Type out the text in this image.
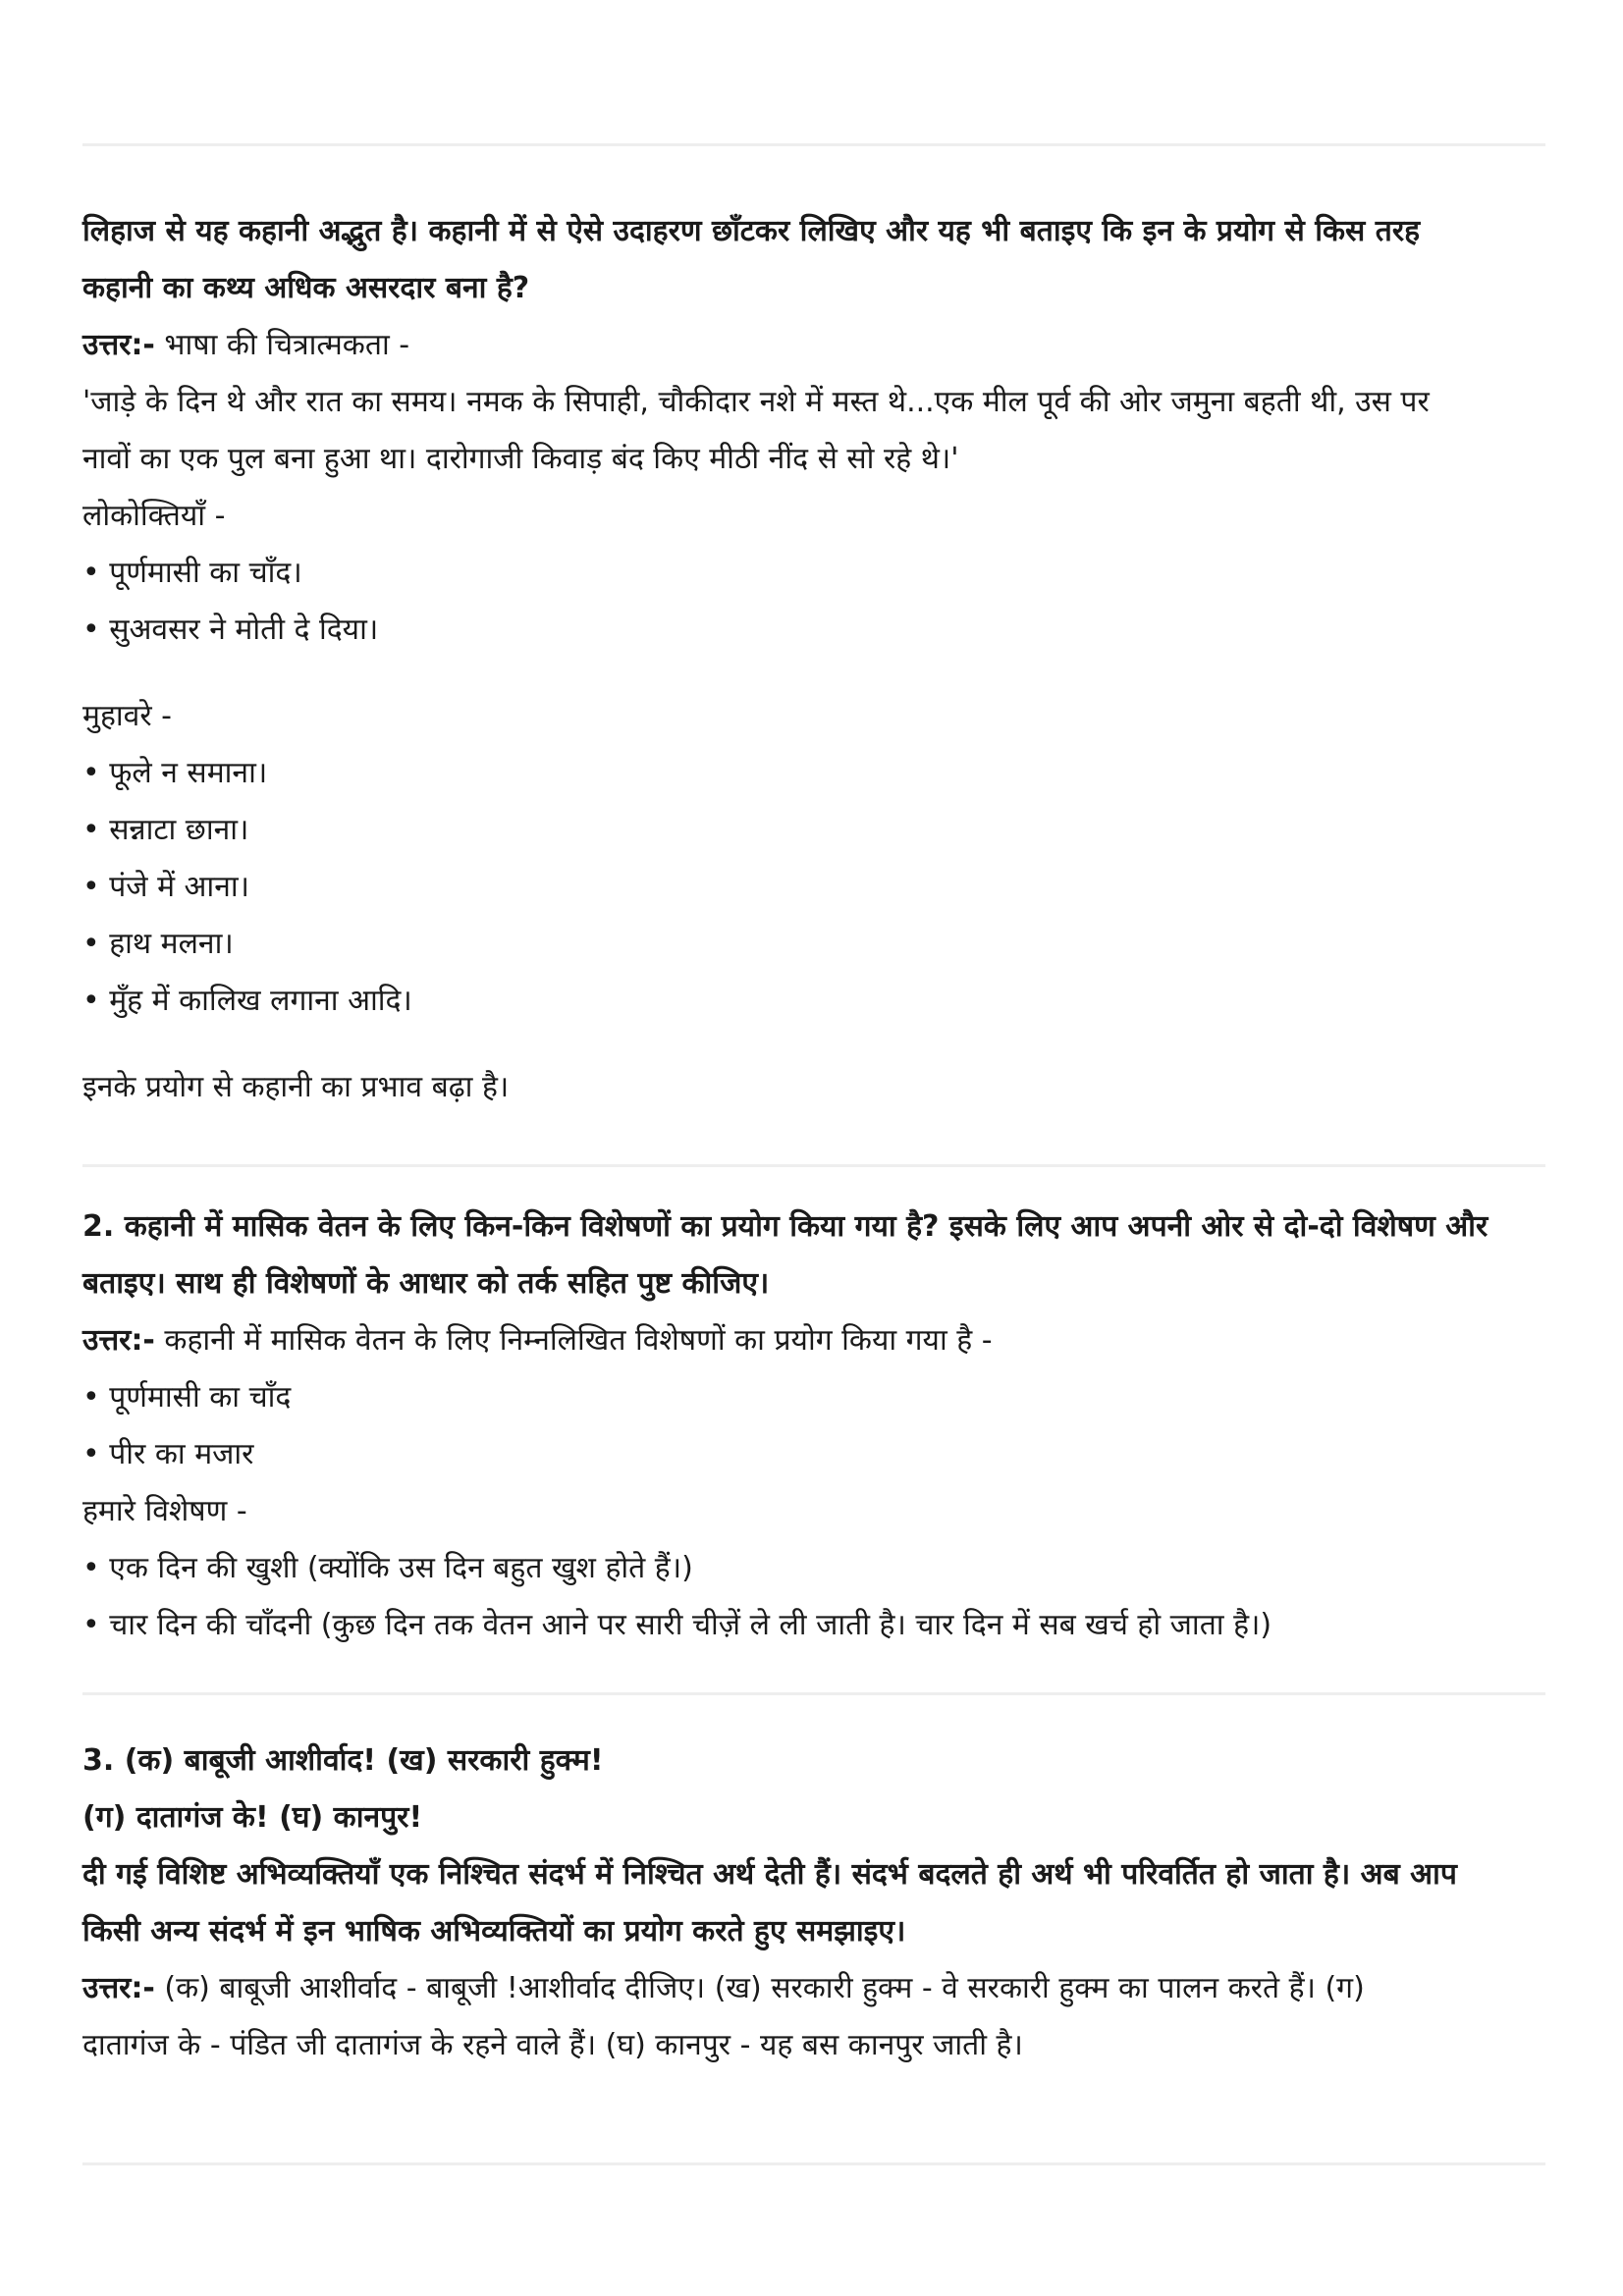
लिहाज से यह कहानी अद्भुत है। कहानी में से ऐसे उदाहरण छाँटकर लिखिए और यह भी बताइए कि इन के प्रयोग से किस तरह

कहानी का कथ्य अधिक असरदार बना है?

उत्तर:- भाषा की चित्रात्मकता -

'जाड़े के दिन थे और रात का समय। नमक के सिपाही, चौकीदार नशे में मस्त थे...एक मील पूर्व की ओर जमुना बहती थी, उस पर

नावों का एक पुल बना हुआ था। दारोगाजी किवाड़ बंद किए मीठी नींद से सो रहे थे।'

लोकोक्तियाँ -

• पूर्णमासी का चाँद।

• सुअवसर ने मोती दे दिया।

मुहावरे -

• फूले न समाना।

• सन्नाटा छाना।

• पंजे में आना।

• हाथ मलना।

• मुँह में कालिख लगाना आदि।

इनके प्रयोग से कहानी का प्रभाव बढ़ा है।

2. कहानी में मासिक वेतन के लिए किन-किन विशेषणों का प्रयोग किया गया है? इसके लिए आप अपनी ओर से दो-दो विशेषण और

बताइए। साथ ही विशेषणों के आधार को तर्क सहित पुष्ट कीजिए।

उत्तर:- कहानी में मासिक वेतन के लिए निम्नलिखित विशेषणों का प्रयोग किया गया है -

• पूर्णमासी का चाँद

• पीर का मजार

हमारे विशेषण -

• एक दिन की खुशी (क्योंकि उस दिन बहुत खुश होते हैं।)

• चार दिन की चाँदनी (कुछ दिन तक वेतन आने पर सारी चीज़ें ले ली जाती है। चार दिन में सब खर्च हो जाता है।)

3. (क) बाबूजी आशीर्वाद! (ख) सरकारी हुक्म!

(ग) दातागंज के! (घ) कानपुर!

दी गई विशिष्ट अभिव्यक्तियाँ एक निश्चित संदर्भ में निश्चित अर्थ देती हैं। संदर्भ बदलते ही अर्थ भी परिवर्तित हो जाता है। अब आप

किसी अन्य संदर्भ में इन भाषिक अभिव्यक्तियों का प्रयोग करते हुए समझाइए।

उत्तर:- (क) बाबूजी आशीर्वाद - बाबूजी !आशीर्वाद दीजिए। (ख) सरकारी हुक्म - वे सरकारी हुक्म का पालन करते हैं। (ग)

दातागंज के - पंडित जी दातागंज के रहने वाले हैं। (घ) कानपुर - यह बस कानपुर जाती है।
